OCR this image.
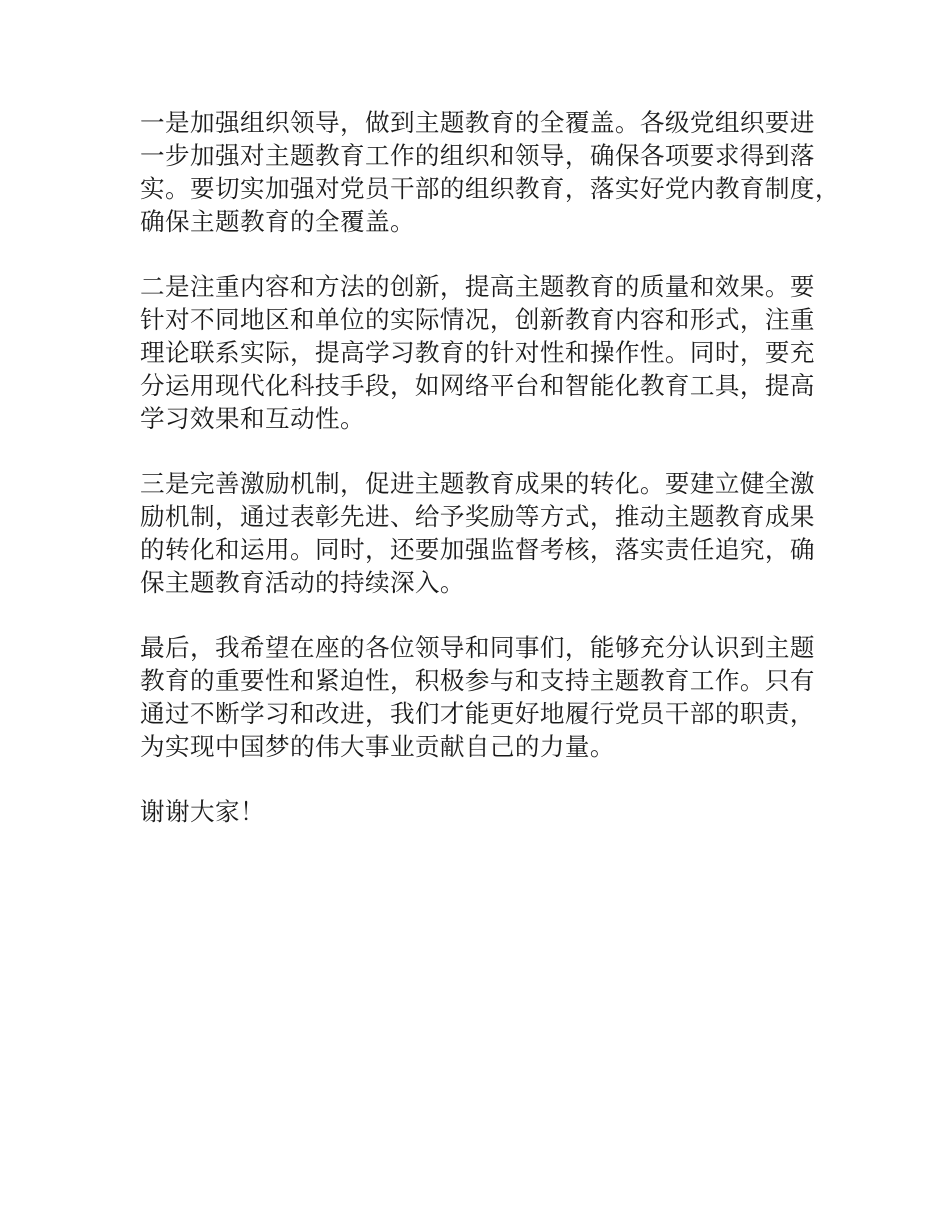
一是加强组织领导，做到主题教育的全覆盖。各级党组织要进
一步加强对主题教育工作的组织和领导，确保各项要求得到落
实。要切实加强对党员干部的组织教育，落实好党内教育制度，
确保主题教育的全覆盖。

二是注重内容和方法的创新，提高主题教育的质量和效果。要
针对不同地区和单位的实际情况，创新教育内容和形式，注重
理论联系实际，提高学习教育的针对性和操作性。同时，要充
分运用现代化科技手段，如网络平台和智能化教育工具，提高
学习效果和互动性。

三是完善激励机制，促进主题教育成果的转化。要建立健全激
励机制，通过表彰先进、给予奖励等方式，推动主题教育成果
的转化和运用。同时，还要加强监督考核，落实责任追究，确
保主题教育活动的持续深入。

最后，我希望在座的各位领导和同事们，能够充分认识到主题
教育的重要性和紧迫性，积极参与和支持主题教育工作。只有
通过不断学习和改进，我们才能更好地履行党员干部的职责，
为实现中国梦的伟大事业贡献自己的力量。

谢谢大家！
